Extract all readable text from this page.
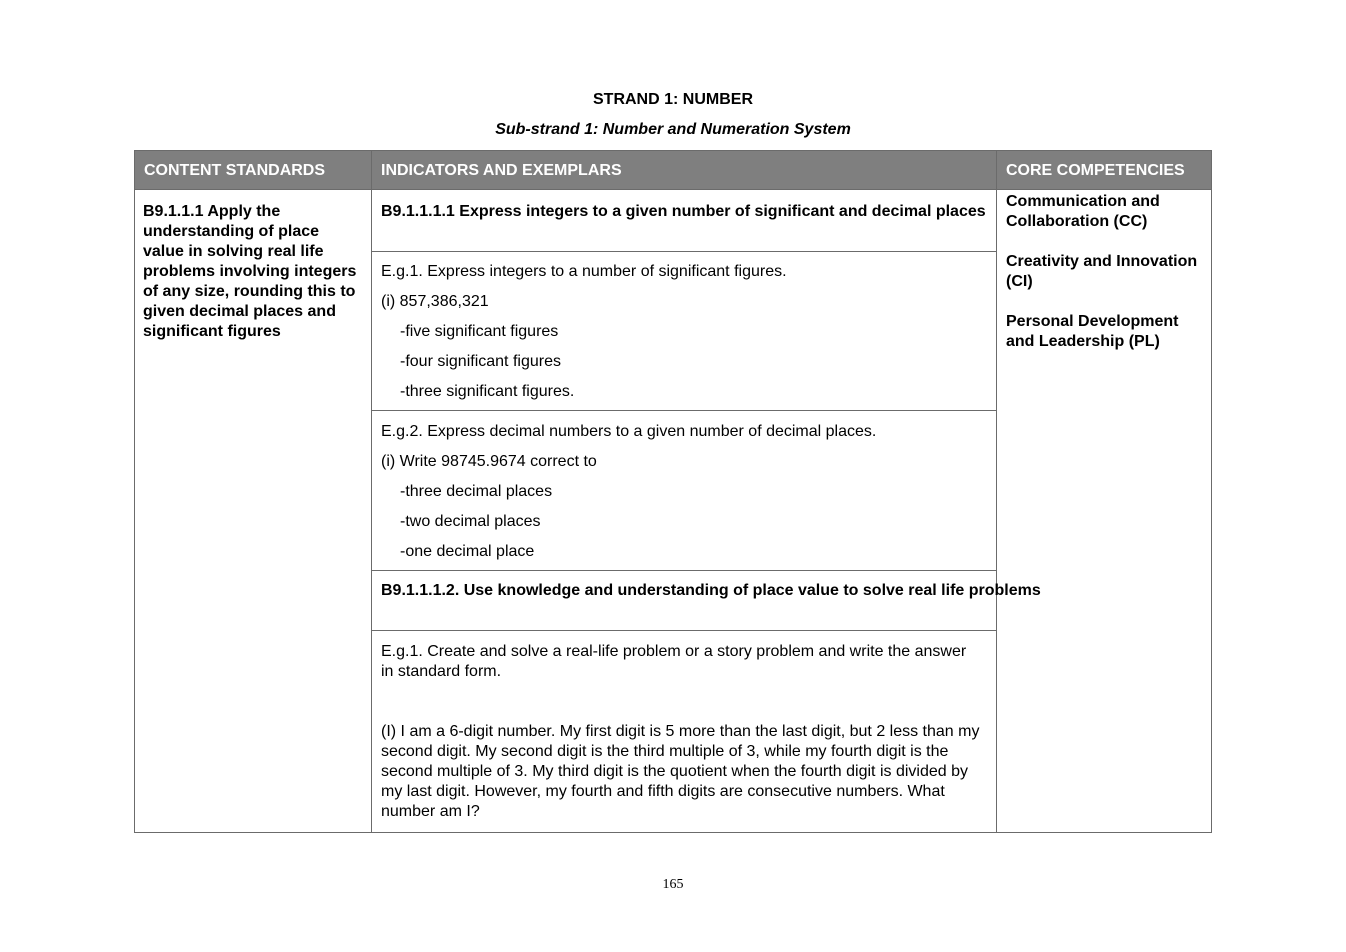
STRAND 1: NUMBER
Sub-strand 1: Number and Numeration System
CONTENT STANDARDS	INDICATORS AND EXEMPLARS	CORE COMPETENCIES
B9.1.1.1 Apply the understanding of place value in solving real life problems involving integers of any size, rounding this to given decimal places and significant figures
B9.1.1.1.1 Express integers to a given number of significant and decimal places
E.g.1. Express integers to a number of significant figures.
(i) 857,386,321
-five significant figures
-four significant figures
-three significant figures.
E.g.2. Express decimal numbers to a given number of decimal places.
(i) Write 98745.9674 correct to
-three decimal places
-two decimal places
-one decimal place
B9.1.1.1.2. Use knowledge and understanding of place value to solve real life problems
E.g.1. Create and solve a real-life problem or a story problem and write the answer in standard form.
(I) I am a 6-digit number. My first digit is 5 more than the last digit, but 2 less than my second digit. My second digit is the third multiple of 3, while my fourth digit is the second multiple of 3. My third digit is the quotient when the fourth digit is divided by my last digit. However, my fourth and fifth digits are consecutive numbers. What number am I?
Communication and Collaboration (CC)
Creativity and Innovation (CI)
Personal Development and Leadership (PL)
165
